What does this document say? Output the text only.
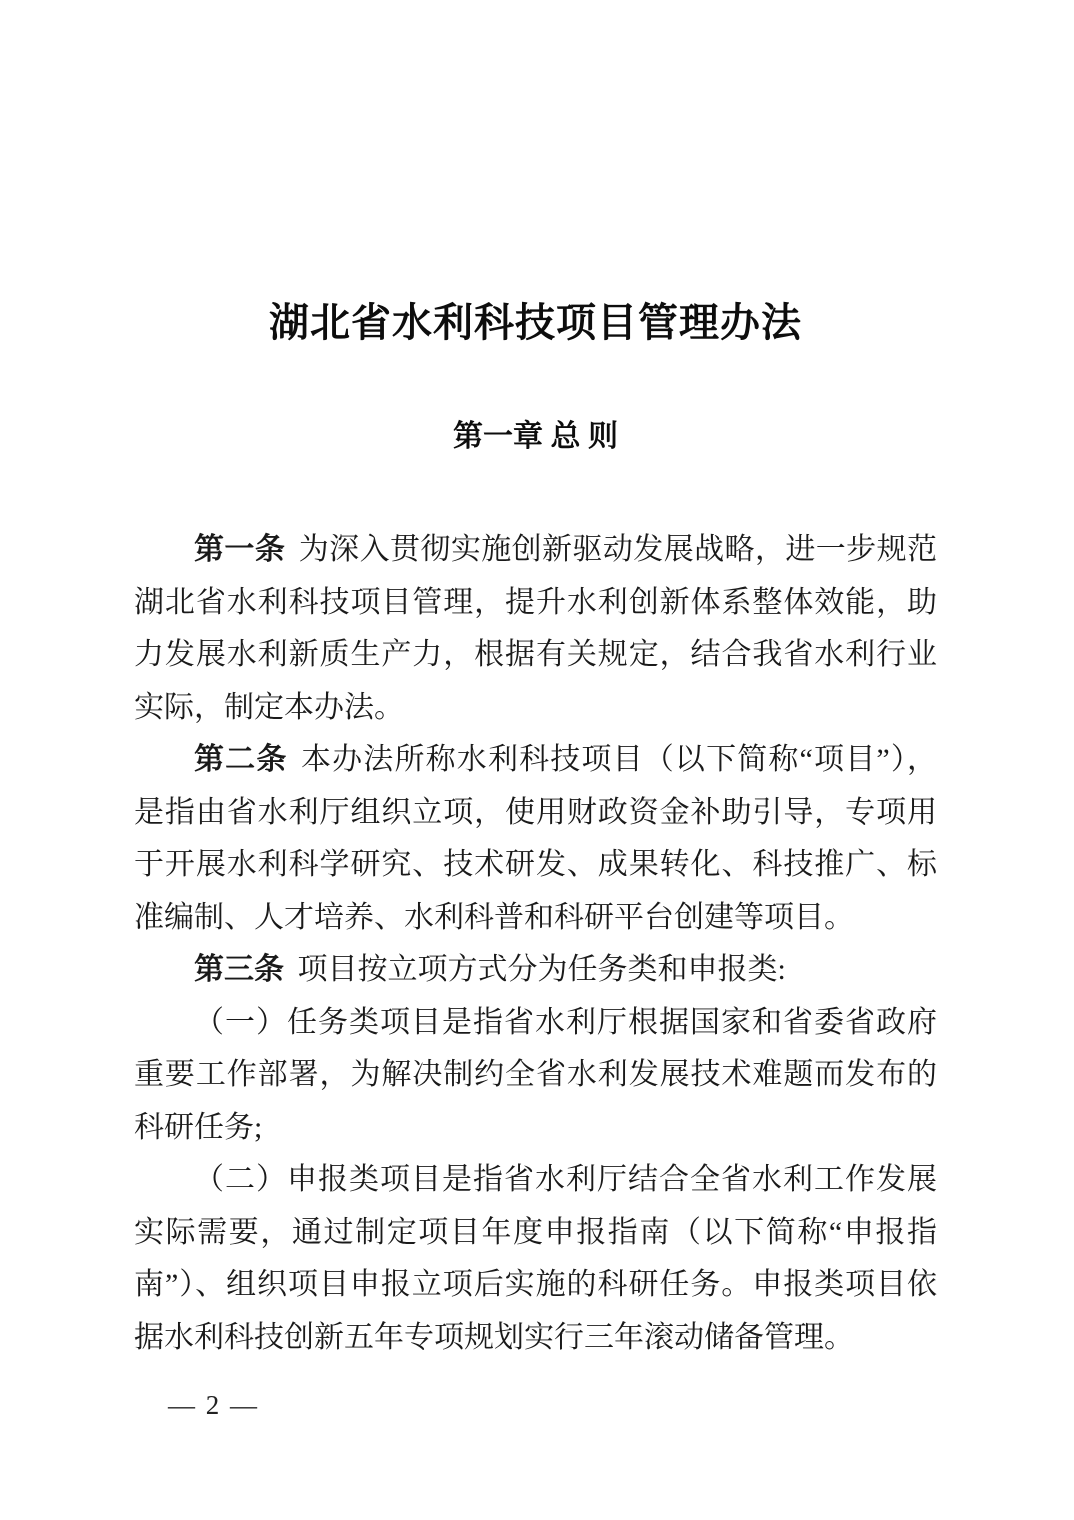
湖北省水利科技项目管理办法
第一章 总 则

第一条 为深入贯彻实施创新驱动发展战略，进一步规范湖北省水利科技项目管理，提升水利创新体系整体效能，助力发展水利新质生产力，根据有关规定，结合我省水利行业实际，制定本办法。

第二条 本办法所称水利科技项目（以下简称“项目”），是指由省水利厅组织立项，使用财政资金补助引导，专项用于开展水利科学研究、技术研发、成果转化、科技推广、标准编制、人才培养、水利科普和科研平台创建等项目。

第三条 项目按立项方式分为任务类和申报类:

（一）任务类项目是指省水利厅根据国家和省委省政府重要工作部署，为解决制约全省水利发展技术难题而发布的科研任务;

（二）申报类项目是指省水利厅结合全省水利工作发展实际需要，通过制定项目年度申报指南（以下简称“申报指南”）、组织项目申报立项后实施的科研任务。申报类项目依据水利科技创新五年专项规划实行三年滚动储备管理。

— 2 —
